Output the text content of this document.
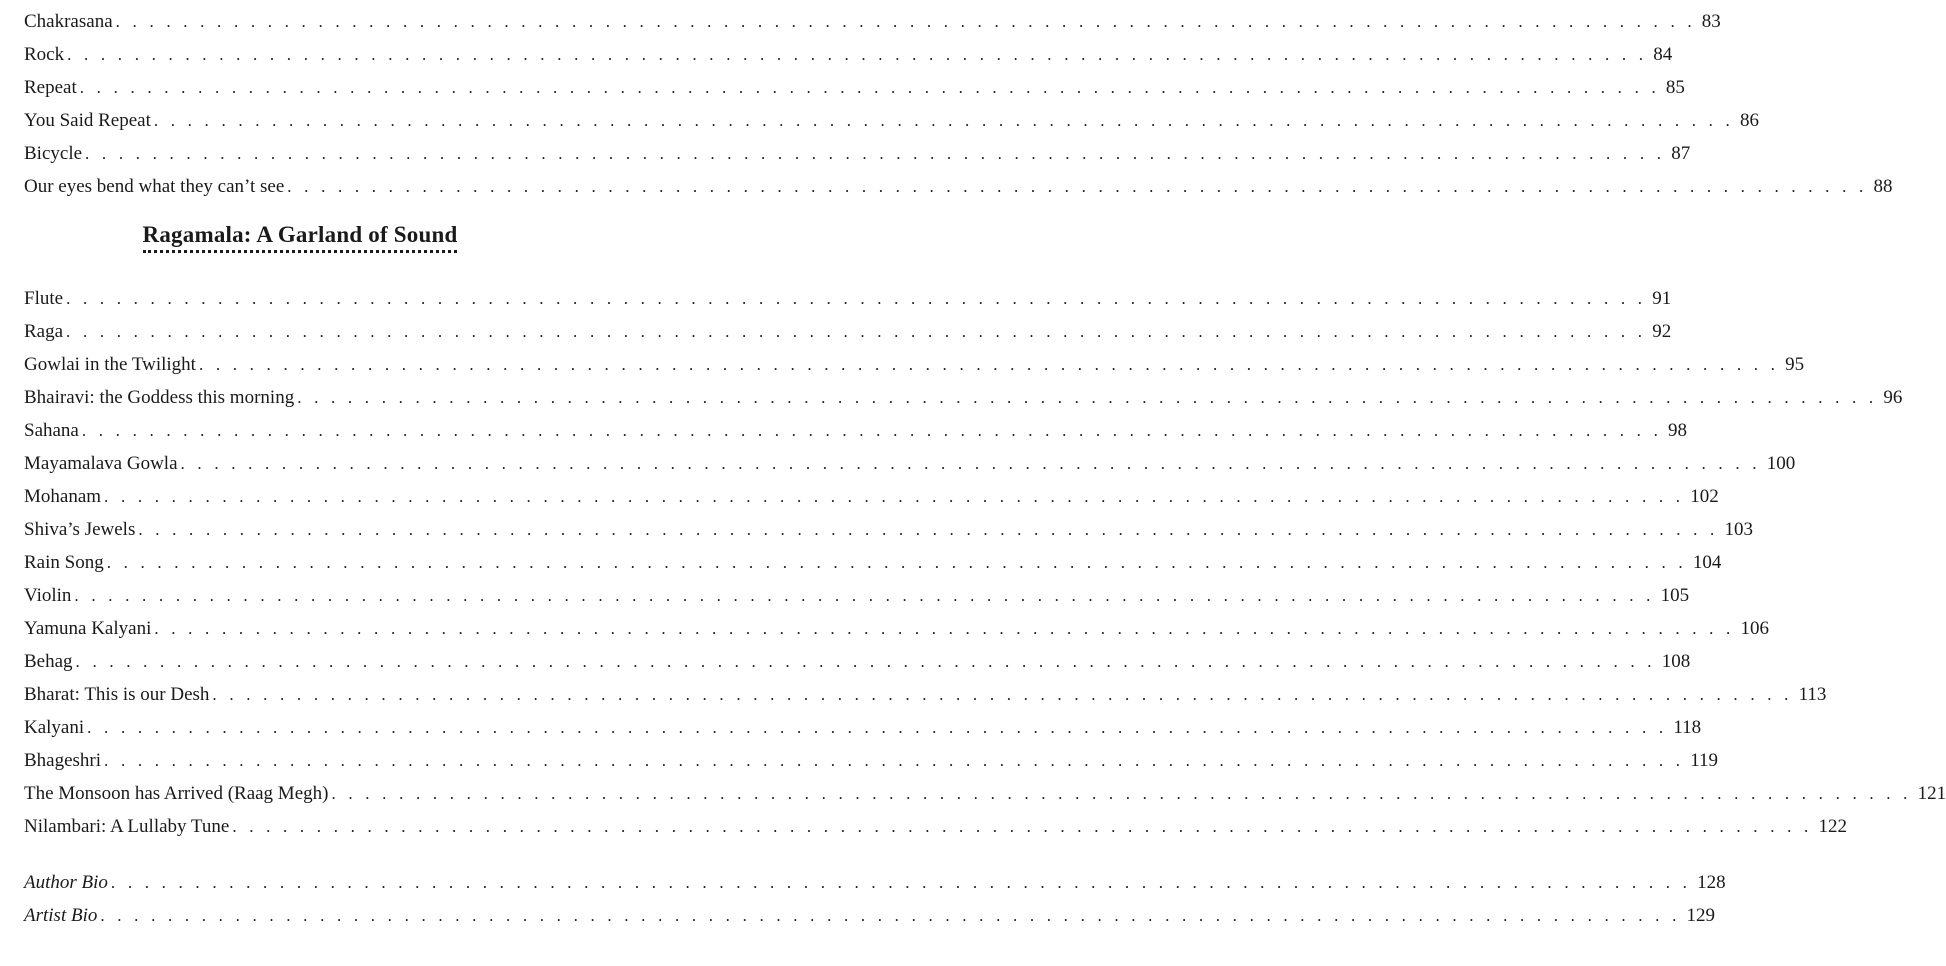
Chakrasana . . . . . . . . . . . . . . . . . . . . . . . . . . . . . . . . . . . . . . . . . . . . . . . . . . . . . . . . . . . . . . . . . . . . . . . . . . . . . . . . . . . . . . . . . . . . . . 83
Rock . . . . . . . . . . . . . . . . . . . . . . . . . . . . . . . . . . . . . . . . . . . . . . . . . . . . . . . . . . . . . . . . . . . . . . . . . . . . . . . . . . . . . . . . . . . . . . 84
Repeat . . . . . . . . . . . . . . . . . . . . . . . . . . . . . . . . . . . . . . . . . . . . . . . . . . . . . . . . . . . . . . . . . . . . . . . . . . . . . . . . . . . . . . . . . . . . . . 85
You Said Repeat . . . . . . . . . . . . . . . . . . . . . . . . . . . . . . . . . . . . . . . . . . . . . . . . . . . . . . . . . . . . . . . . . . . . . . . . . . . . . . . . . . . . . . . . . . . . . . 86
Bicycle . . . . . . . . . . . . . . . . . . . . . . . . . . . . . . . . . . . . . . . . . . . . . . . . . . . . . . . . . . . . . . . . . . . . . . . . . . . . . . . . . . . . . . . . . . . . . . 87
Our eyes bend what they can’t see . . . . . . . . . . . . . . . . . . . . . . . . . . . . . . . . . . . . . . . . . . . . . . . . . . . . . . . . . . . . . . . . . . . . . . . . . . . . . . . . . . . . . . . . . . . . . . 88
Ragamala: A Garland of Sound
Flute . . . . . . . . . . . . . . . . . . . . . . . . . . . . . . . . . . . . . . . . . . . . . . . . . . . . . . . . . . . . . . . . . . . . . . . . . . . . . . . . . . . . . . . . . . . . . . 91
Raga . . . . . . . . . . . . . . . . . . . . . . . . . . . . . . . . . . . . . . . . . . . . . . . . . . . . . . . . . . . . . . . . . . . . . . . . . . . . . . . . . . . . . . . . . . . . . . 92
Gowlai in the Twilight . . . . . . . . . . . . . . . . . . . . . . . . . . . . . . . . . . . . . . . . . . . . . . . . . . . . . . . . . . . . . . . . . . . . . . . . . . . . . . . . . . . . . . . . . . . . . . 95
Bhairavi: the Goddess this morning . . . . . . . . . . . . . . . . . . . . . . . . . . . . . . . . . . . . . . . . . . . . . . . . . . . . . . . . . . . . . . . . . . . . . . . . . . . . . . . . . . . . . . . . . . . . . . 96
Sahana . . . . . . . . . . . . . . . . . . . . . . . . . . . . . . . . . . . . . . . . . . . . . . . . . . . . . . . . . . . . . . . . . . . . . . . . . . . . . . . . . . . . . . . . . . . . . . 98
Mayamalava Gowla . . . . . . . . . . . . . . . . . . . . . . . . . . . . . . . . . . . . . . . . . . . . . . . . . . . . . . . . . . . . . . . . . . . . . . . . . . . . . . . . . . . . . . . . . . . . . . 100
Mohanam . . . . . . . . . . . . . . . . . . . . . . . . . . . . . . . . . . . . . . . . . . . . . . . . . . . . . . . . . . . . . . . . . . . . . . . . . . . . . . . . . . . . . . . . . . . . . . 102
Shiva’s Jewels . . . . . . . . . . . . . . . . . . . . . . . . . . . . . . . . . . . . . . . . . . . . . . . . . . . . . . . . . . . . . . . . . . . . . . . . . . . . . . . . . . . . . . . . . . . . . . 103
Rain Song . . . . . . . . . . . . . . . . . . . . . . . . . . . . . . . . . . . . . . . . . . . . . . . . . . . . . . . . . . . . . . . . . . . . . . . . . . . . . . . . . . . . . . . . . . . . . . 104
Violin . . . . . . . . . . . . . . . . . . . . . . . . . . . . . . . . . . . . . . . . . . . . . . . . . . . . . . . . . . . . . . . . . . . . . . . . . . . . . . . . . . . . . . . . . . . . . . 105
Yamuna Kalyani . . . . . . . . . . . . . . . . . . . . . . . . . . . . . . . . . . . . . . . . . . . . . . . . . . . . . . . . . . . . . . . . . . . . . . . . . . . . . . . . . . . . . . . . . . . . . . 106
Behag . . . . . . . . . . . . . . . . . . . . . . . . . . . . . . . . . . . . . . . . . . . . . . . . . . . . . . . . . . . . . . . . . . . . . . . . . . . . . . . . . . . . . . . . . . . . . . 108
Bharat: This is our Desh . . . . . . . . . . . . . . . . . . . . . . . . . . . . . . . . . . . . . . . . . . . . . . . . . . . . . . . . . . . . . . . . . . . . . . . . . . . . . . . . . . . . . . . . . . . . . . 113
Kalyani . . . . . . . . . . . . . . . . . . . . . . . . . . . . . . . . . . . . . . . . . . . . . . . . . . . . . . . . . . . . . . . . . . . . . . . . . . . . . . . . . . . . . . . . . . . . . . 118
Bhageshri . . . . . . . . . . . . . . . . . . . . . . . . . . . . . . . . . . . . . . . . . . . . . . . . . . . . . . . . . . . . . . . . . . . . . . . . . . . . . . . . . . . . . . . . . . . . . . 119
The Monsoon has Arrived (Raag Megh) . . . . . . . . . . . . . . . . . . . . . . . . . . . . . . . . . . . . . . . . . . . . . . . . . . . . . . . . . . . . . . . . . . . . . . . . . . . . . . . . . . . . . . . . . . . . . . 121
Nilambari: A Lullaby Tune . . . . . . . . . . . . . . . . . . . . . . . . . . . . . . . . . . . . . . . . . . . . . . . . . . . . . . . . . . . . . . . . . . . . . . . . . . . . . . . . . . . . . . . . . . . . . . 122
Author Bio . . . . . . . . . . . . . . . . . . . . . . . . . . . . . . . . . . . . . . . . . . . . . . . . . . . . . . . . . . . . . . . . . . . . . . . . . . . . . . . . . . . . . . . . . . . . . . 128
Artist Bio . . . . . . . . . . . . . . . . . . . . . . . . . . . . . . . . . . . . . . . . . . . . . . . . . . . . . . . . . . . . . . . . . . . . . . . . . . . . . . . . . . . . . . . . . . . . . . 129
